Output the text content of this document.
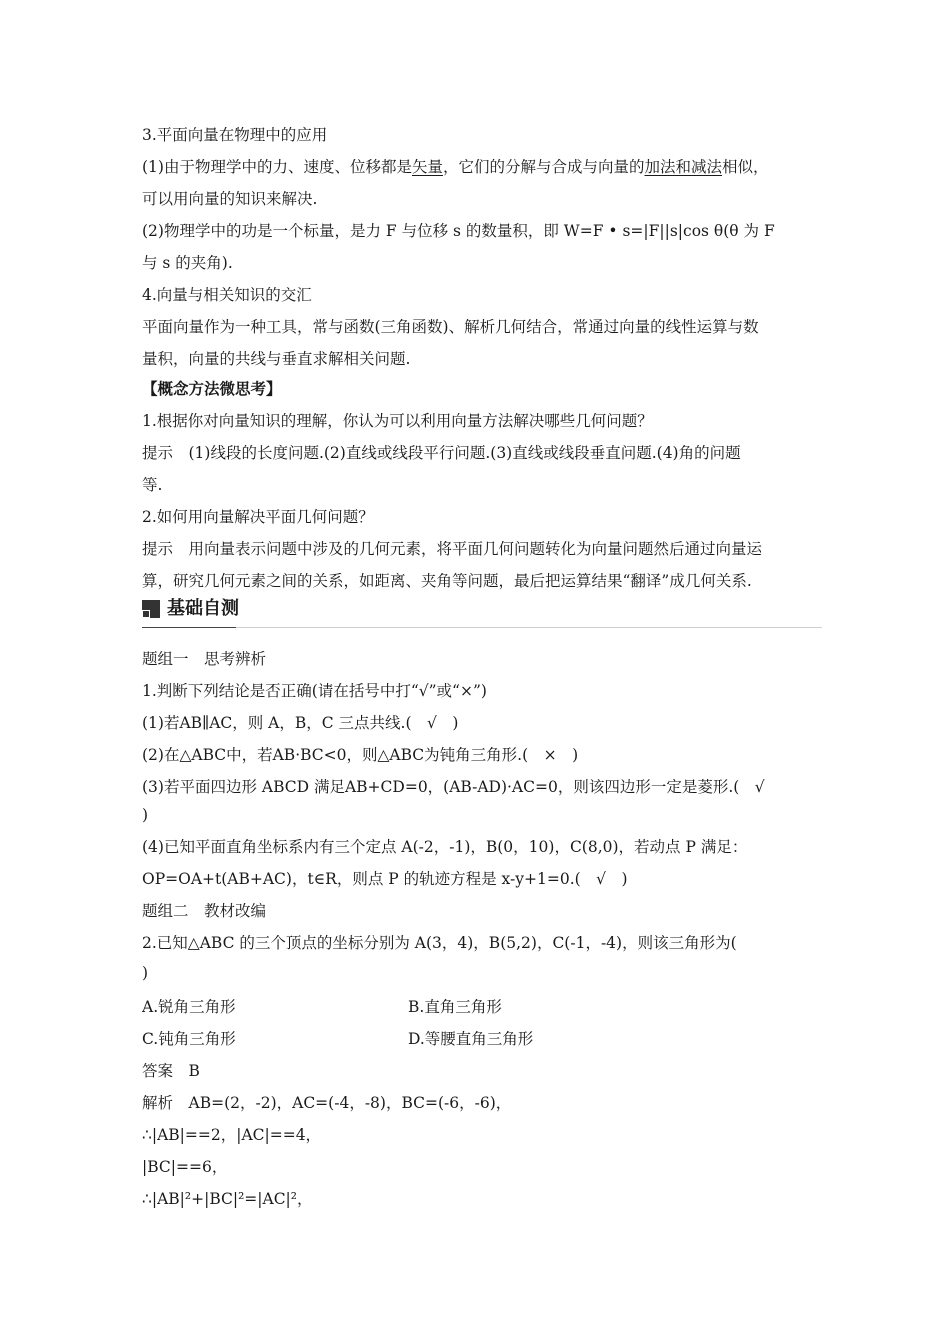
3.平面向量在物理中的应用
(1)由于物理学中的力、速度、位移都是矢量，它们的分解与合成与向量的加法和减法相似，
可以用向量的知识来解决.
(2)物理学中的功是一个标量，是力 F 与位移 s 的数量积，即 W=F • s=|F||s|cos θ(θ 为 F
与 s 的夹角).
4.向量与相关知识的交汇
平面向量作为一种工具，常与函数(三角函数)、解析几何结合，常通过向量的线性运算与数
量积，向量的共线与垂直求解相关问题.
【概念方法微思考】
1.根据你对向量知识的理解，你认为可以利用向量方法解决哪些几何问题？
提示　(1)线段的长度问题.(2)直线或线段平行问题.(3)直线或线段垂直问题.(4)角的问题
等.
2.如何用向量解决平面几何问题？
提示　用向量表示问题中涉及的几何元素，将平面几何问题转化为向量问题然后通过向量运
算，研究几何元素之间的关系，如距离、夹角等问题，最后把运算结果“翻译”成几何关系.
基础自测
题组一　思考辨析
1.判断下列结论是否正确(请在括号中打“√”或“×”)
(1)若AB∥AC，则 A，B，C 三点共线.(　√　)
(2)在△ABC中，若AB·BC<0，则△ABC为钝角三角形.(　×　)
(3)若平面四边形 ABCD 满足AB+CD=0，(AB-AD)·AC=0，则该四边形一定是菱形.(　√
)
(4)已知平面直角坐标系内有三个定点 A(-2，-1)，B(0，10)，C(8,0)，若动点 P 满足：
OP=OA+t(AB+AC)，t∈R，则点 P 的轨迹方程是 x-y+1=0.(　√　)
题组二　教材改编
2.已知△ABC 的三个顶点的坐标分别为 A(3，4)，B(5,2)，C(-1，-4)，则该三角形为(
)
A.锐角三角形	B.直角三角形
C.钝角三角形	D.等腰直角三角形
答案　B
解析　AB=(2，-2)，AC=(-4，-8)，BC=(-6，-6)，
∴|AB|==2，|AC|==4，
|BC|==6，
∴|AB|²+|BC|²=|AC|²，
